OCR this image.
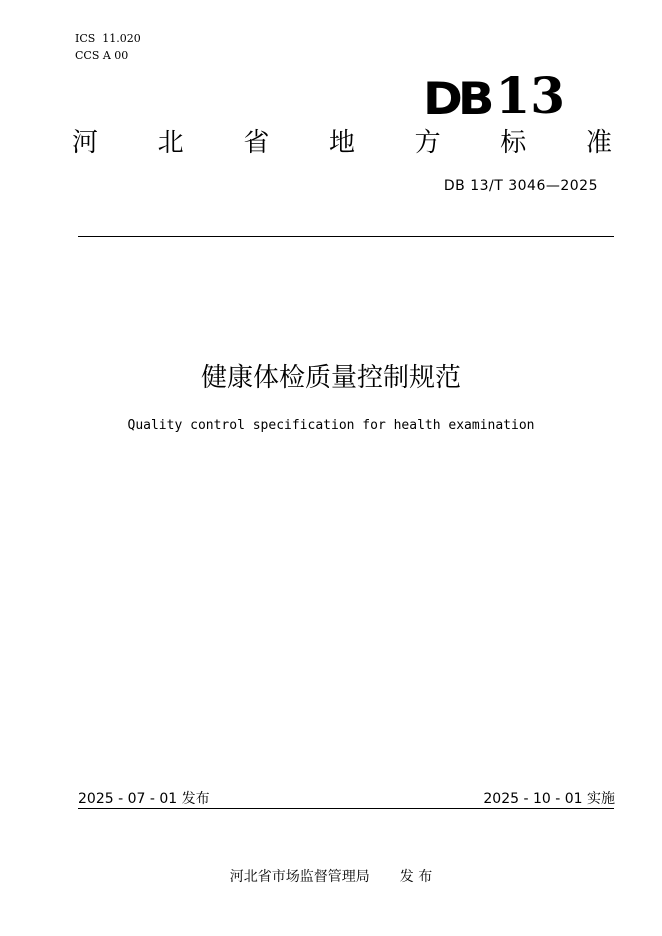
ICS  11.020
CCS A 00
DB 13
河 北 省 地 方 标 准
DB 13/T 3046—2025
健康体检质量控制规范
Quality control specification for health examination
2025 - 07 - 01 发布	2025 - 10 - 01 实施
河北省市场监督管理局 发 布
